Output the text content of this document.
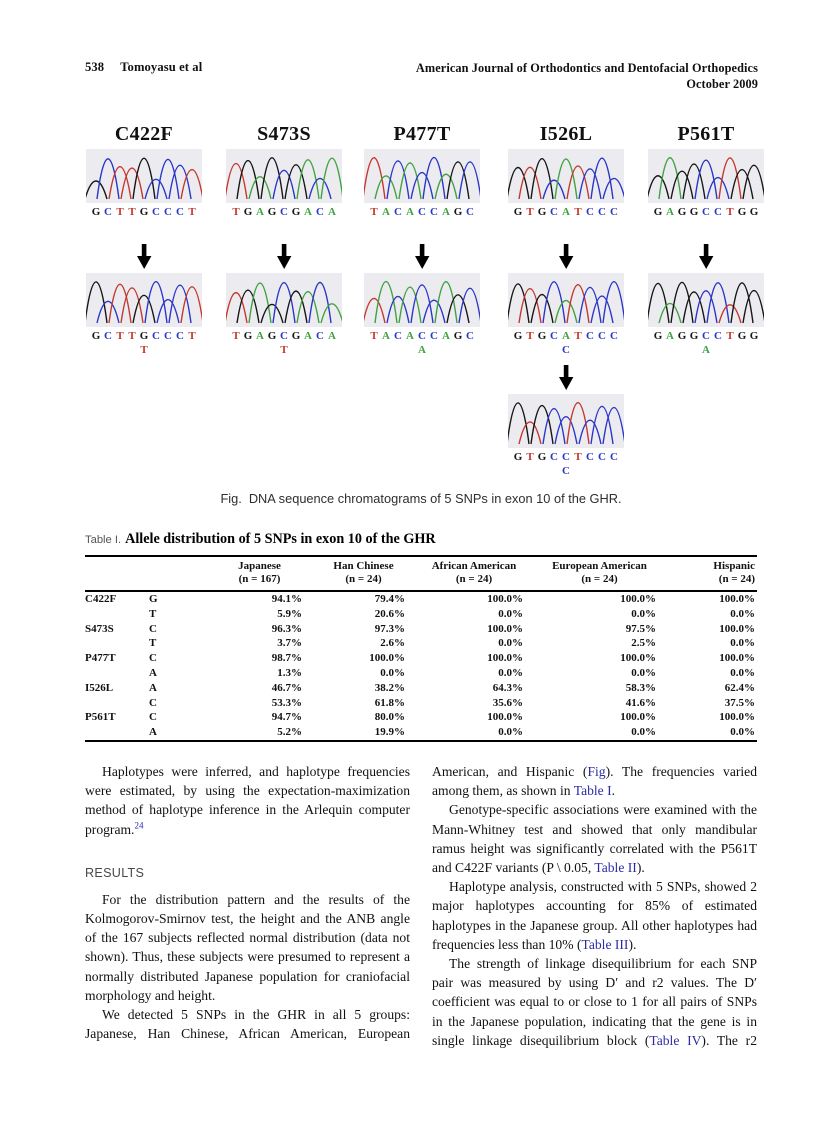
538 Tomoyasu et al	American Journal of Orthodontics and Dentofacial Orthopedics
October 2009
Fig. DNA sequence chromatograms of 5 SNPs in exon 10 of the GHR.
C422F
G C T T G C C C T
G C T T G C C C T
T
S473S
T G A G C G A C A
T G A G C G A C A
T
P477T
T A C A C C A G C
T A C A C C A G C
A
I526L
G T G C A T C C C
G T G C A T C C C
C
P561T
G A G G C C T G G
G A G G C C T G G
A
G T G C C T C C C
C
Table I. Allele distribution of 5 SNPs in exon 10 of the GHR

Japanese
(n = 167)

Han Chinese
(n = 24)

African American
(n = 24)

European American
(n = 24)

Hispanic
(n = 24)

C422F	G	94.1%	79.4%	100.0%	100.0%	100.0%
	T	5.9%	20.6%	0.0%	0.0%	0.0%
S473S	C	96.3%	97.3%	100.0%	97.5%	100.0%
	T	3.7%	2.6%	0.0%	2.5%	0.0%
P477T	C	98.7%	100.0%	100.0%	100.0%	100.0%
	A	1.3%	0.0%	0.0%	0.0%	0.0%
I526L	A	46.7%	38.2%	64.3%	58.3%	62.4%
	C	53.3%	61.8%	35.6%	41.6%	37.5%
P561T	C	94.7%	80.0%	100.0%	100.0%	100.0%
	A	5.2%	19.9%	0.0%	0.0%	0.0%

Haplotypes were inferred, and haplotype frequencies were estimated, by using the expectation-maximization method of haplotype inference in the Arlequin computer program.$^{24}$

RESULTS

For the distribution pattern and the results of the Kolmogorov-Smirnov test, the height and the ANB angle of the 167 subjects reflected normal distribution (data not shown). Thus, these subjects were presumed to represent a normally distributed Japanese population for craniofacial morphology and height.

We detected 5 SNPs in the GHR in all 5 groups: Japanese, Han Chinese, African American, European

American, and Hispanic (Fig). The frequencies varied among them, as shown in Table I.

Genotype-specific associations were examined with the Mann-Whitney test and showed that only mandibular ramus height was significantly correlated with the P561T and C422F variants (P \ 0.05, Table II).

Haplotype analysis, constructed with 5 SNPs, showed 2 major haplotypes accounting for 85% of estimated haplotypes in the Japanese group. All other haplotypes had frequencies less than 10% (Table III).

The strength of linkage disequilibrium for each SNP pair was measured by using D′ and r2 values. The D′ coefficient was equal to or close to 1 for all pairs of SNPs in the Japanese population, indicating that the gene is in single linkage disequilibrium block (Table IV). The r2
